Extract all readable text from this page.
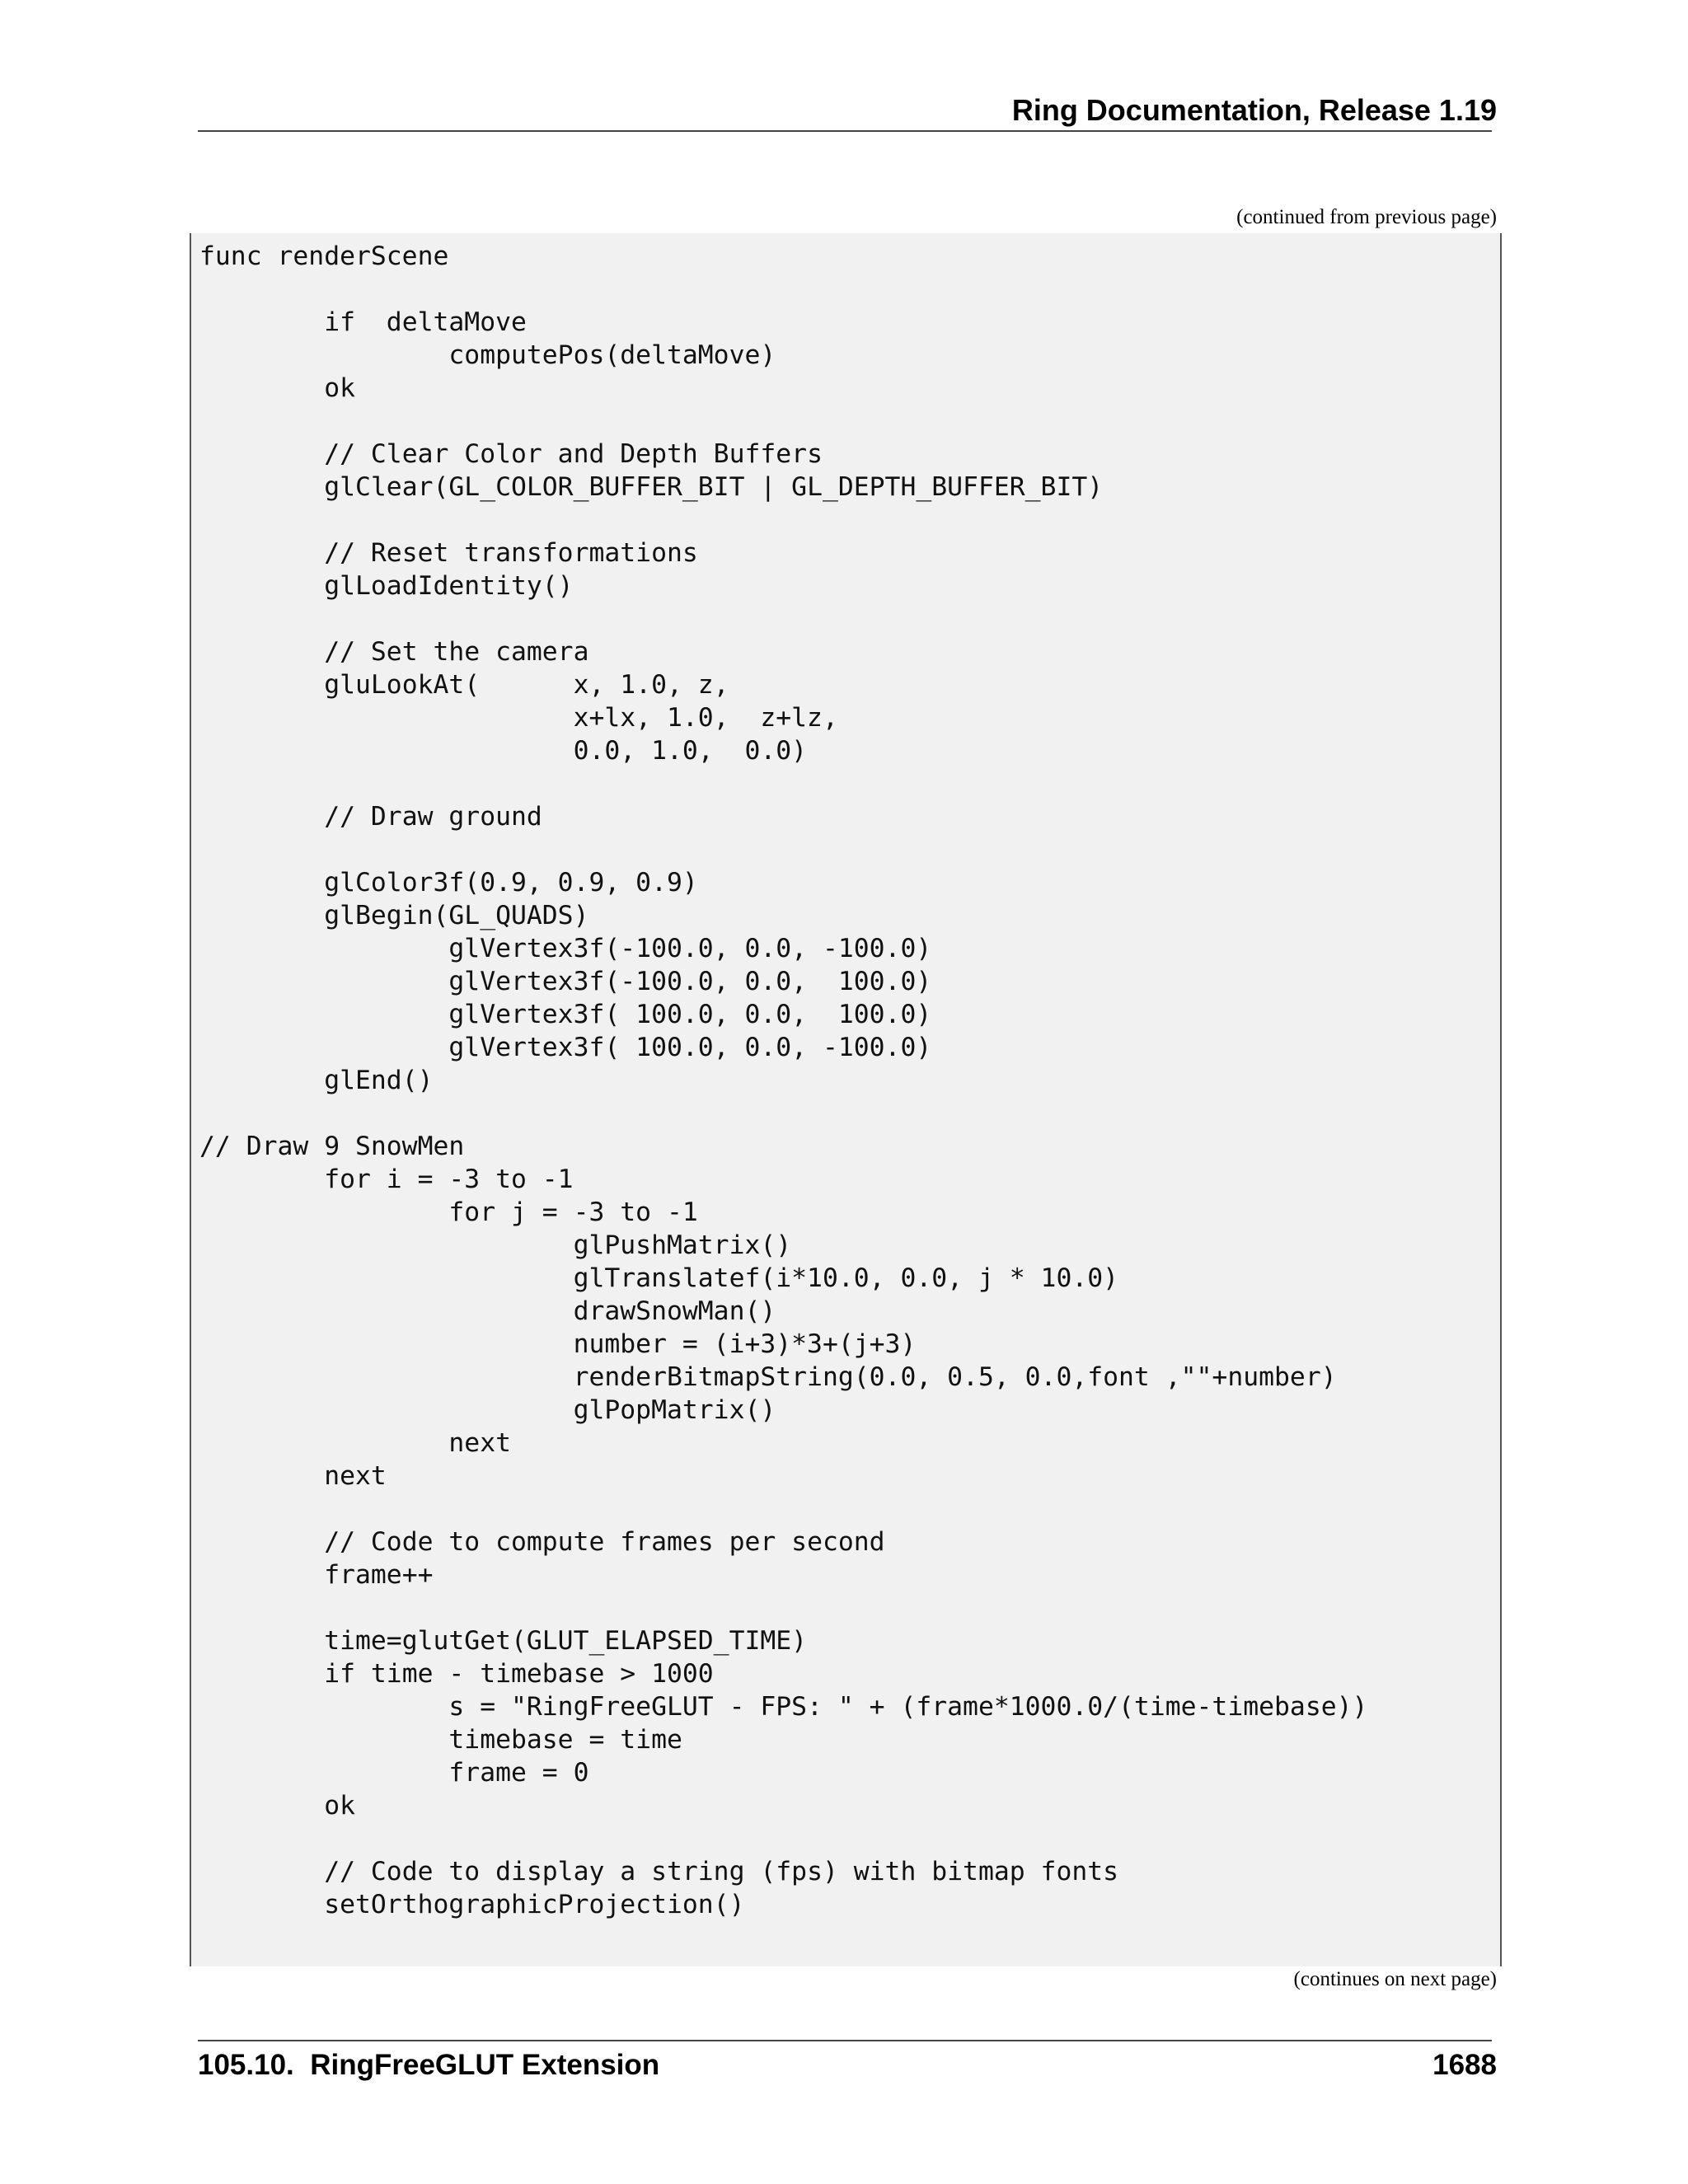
Ring Documentation, Release 1.19
(continued from previous page)
func renderScene

	if  deltaMove
		computePos(deltaMove)
	ok

	// Clear Color and Depth Buffers
	glClear(GL_COLOR_BUFFER_BIT | GL_DEPTH_BUFFER_BIT)

	// Reset transformations
	glLoadIdentity()

	// Set the camera
	gluLookAt(	x, 1.0, z,
			x+lx, 1.0,  z+lz,
			0.0, 1.0,  0.0)

	// Draw ground

	glColor3f(0.9, 0.9, 0.9)
	glBegin(GL_QUADS)
		glVertex3f(-100.0, 0.0, -100.0)
		glVertex3f(-100.0, 0.0,  100.0)
		glVertex3f( 100.0, 0.0,  100.0)
		glVertex3f( 100.0, 0.0, -100.0)
	glEnd()

// Draw 9 SnowMen
	for i = -3 to -1
		for j = -3 to -1
			glPushMatrix()
			glTranslatef(i*10.0, 0.0, j * 10.0)
			drawSnowMan()
			number = (i+3)*3+(j+3)
			renderBitmapString(0.0, 0.5, 0.0,font ,""+number)
			glPopMatrix()
		next
	next

	// Code to compute frames per second
	frame++

	time=glutGet(GLUT_ELAPSED_TIME)
	if time - timebase > 1000
		s = "RingFreeGLUT - FPS: " + (frame*1000.0/(time-timebase))
		timebase = time
		frame = 0
	ok

	// Code to display a string (fps) with bitmap fonts
	setOrthographicProjection()

(continues on next page)
105.10.  RingFreeGLUT Extension	1688
